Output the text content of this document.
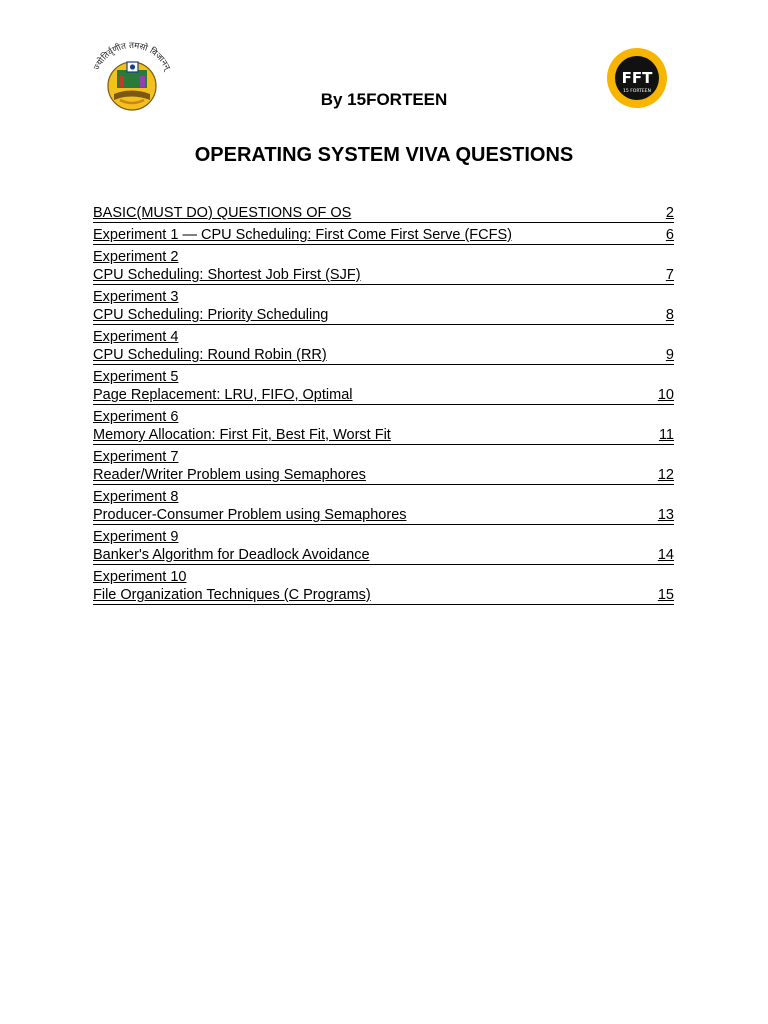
ज्योतिर्वृणीत तमसो विजानन्
FFT
15 FORTEEN
By 15FORTEEN
OPERATING SYSTEM VIVA QUESTIONS
BASIC(MUST DO) QUESTIONS OF OS	2
Experiment 1 — CPU Scheduling: First Come First Serve (FCFS)	6
Experiment 2
CPU Scheduling: Shortest Job First (SJF)	7
Experiment 3
CPU Scheduling: Priority Scheduling	8
Experiment 4
CPU Scheduling: Round Robin (RR)	9
Experiment 5
Page Replacement: LRU, FIFO, Optimal	10
Experiment 6
Memory Allocation: First Fit, Best Fit, Worst Fit	11
Experiment 7
Reader/Writer Problem using Semaphores	12
Experiment 8
Producer-Consumer Problem using Semaphores	13
Experiment 9
Banker's Algorithm for Deadlock Avoidance	14
Experiment 10
File Organization Techniques (C Programs)	15
